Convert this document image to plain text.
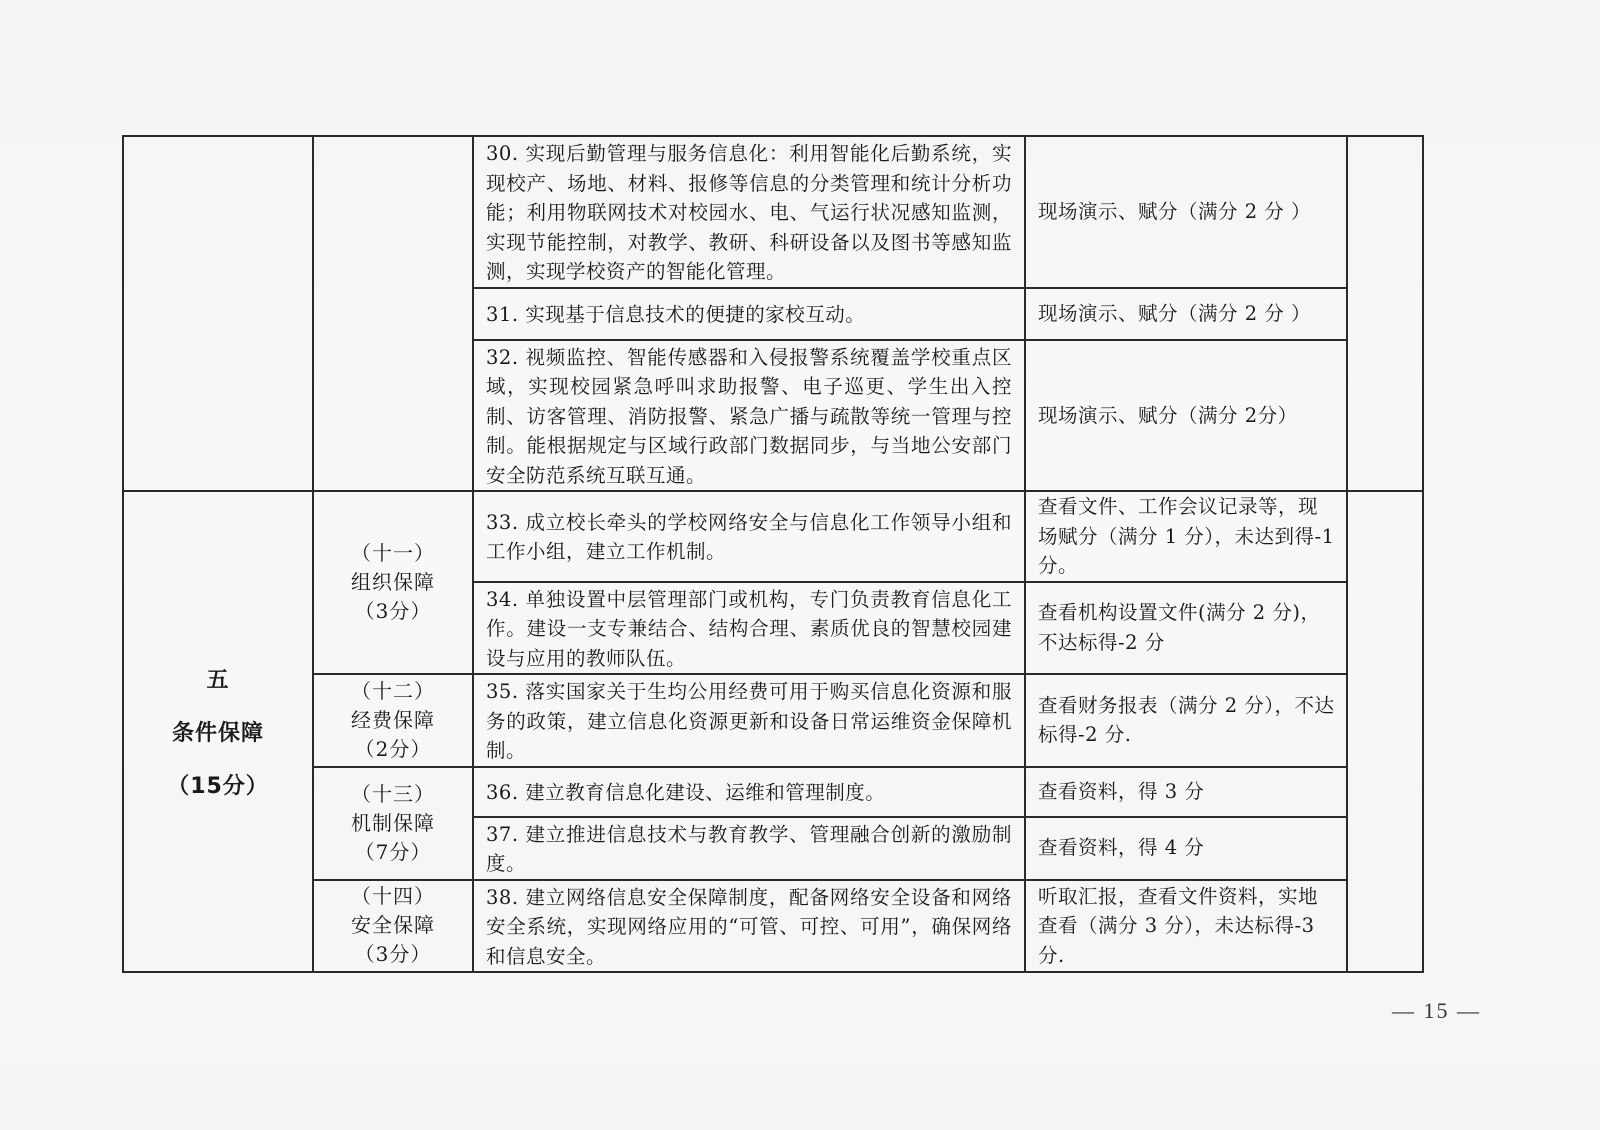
		30. 实现后勤管理与服务信息化：利用智能化后勤系统，实现校产、场地、材料、报修等信息的分类管理和统计分析功能；利用物联网技术对校园水、电、气运行状况感知监测，实现节能控制，对教学、教研、科研设备以及图书等感知监测，实现学校资产的智能化管理。	现场演示、赋分（满分 2 分 ）	

		31. 实现基于信息技术的便捷的家校互动。	现场演示、赋分（满分 2 分 ）	

		32. 视频监控、智能传感器和入侵报警系统覆盖学校重点区域，实现校园紧急呼叫求助报警、电子巡更、学生出入控制、访客管理、消防报警、紧急广播与疏散等统一管理与控制。能根据规定与区域行政部门数据同步，与当地公安部门安全防范系统互联互通。	现场演示、赋分（满分 2分）	

五
条件保障
（15分）	（十一）
组织保障
（3分）	33. 成立校长牵头的学校网络安全与信息化工作领导小组和工作小组，建立工作机制。	查看文件、工作会议记录等，现场赋分（满分 1 分），未达到得-1 分。	

		34. 单独设置中层管理部门或机构，专门负责教育信息化工作。建设一支专兼结合、结构合理、素质优良的智慧校园建设与应用的教师队伍。	查看机构设置文件(满分 2 分)，不达标得-2 分	

	（十二）
经费保障
（2分）	35. 落实国家关于生均公用经费可用于购买信息化资源和服务的政策，建立信息化资源更新和设备日常运维资金保障机制。	查看财务报表（满分 2 分），不达标得-2 分.	

	（十三）
机制保障
（7分）	36. 建立教育信息化建设、运维和管理制度。	查看资料，得 3 分	

		37. 建立推进信息技术与教育教学、管理融合创新的激励制度。	查看资料，得 4 分	

	（十四）
安全保障
（3分）	38. 建立网络信息安全保障制度，配备网络安全设备和网络安全系统，实现网络应用的“可管、可控、可用”，确保网络和信息安全。	听取汇报，查看文件资料，实地查看（满分 3 分），未达标得-3 分.	
— 15 —
